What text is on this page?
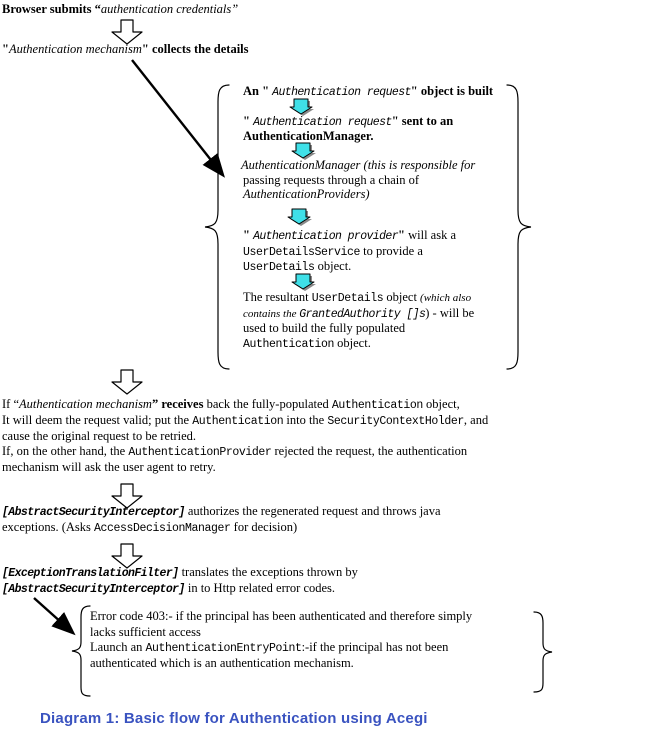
Browser submits “authentication credentials”
"Authentication mechanism" collects the details
An " Authentication request" object is built
" Authentication request" sent to an
AuthenticationManager.
AuthenticationManager (this is responsible for
passing requests through a chain of
AuthenticationProviders)
" Authentication provider" will ask a
UserDetailsService to provide a
UserDetails object.
The resultant UserDetails object (which also
contains the GrantedAuthority []s) - will be
used to build the fully populated
Authentication object.
If “Authentication mechanism” receives back the fully-populated Authentication object,
It will deem the request valid; put the Authentication into the SecurityContextHolder, and
cause the original request to be retried.
If, on the other hand, the AuthenticationProvider rejected the request, the authentication
mechanism will ask the user agent to retry.
[AbstractSecurityInterceptor] authorizes the regenerated request and throws java
exceptions. (Asks AccessDecisionManager for decision)
[ExceptionTranslationFilter] translates the exceptions thrown by
[AbstractSecurityInterceptor] in to Http related error codes.
Error code 403:- if the principal has been authenticated and therefore simply
lacks sufficient access
Launch an AuthenticationEntryPoint:-if the principal has not been
authenticated which is an authentication mechanism.
Diagram 1: Basic flow for Authentication using Acegi
